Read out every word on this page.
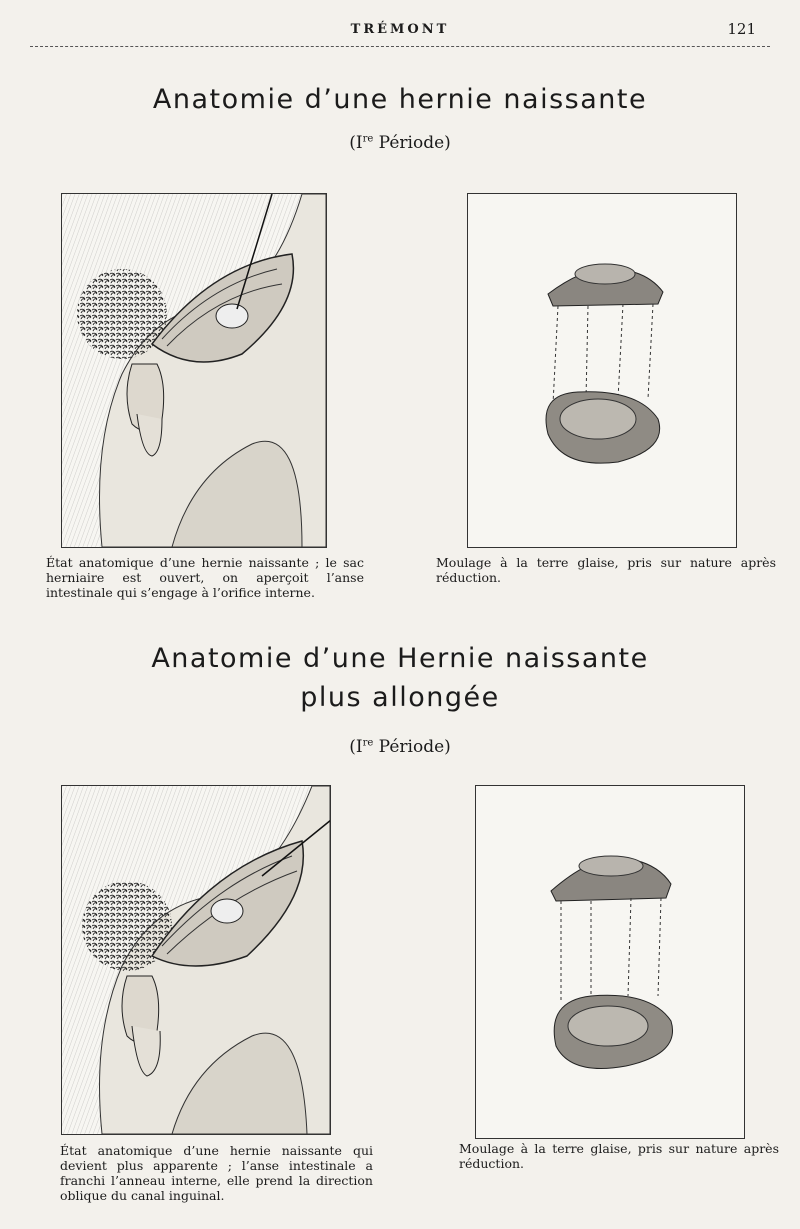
TRÉMONT	121
Anatomie d’une hernie naissante
(Ire Période)
État anatomique d’une hernie naissante ; le sac herniaire est ouvert, on aperçoit l’anse intestinale qui s’engage à l’orifice interne.
Moulage à la terre glaise, pris sur nature après réduction.
Anatomie d’une Hernie naissante
plus allongée
(Ire Période)
État anatomique d’une hernie naissante qui devient plus apparente ; l’anse intestinale a franchi l’anneau interne, elle prend la direction oblique du canal inguinal.
Moulage à la terre glaise, pris sur nature après réduction.
